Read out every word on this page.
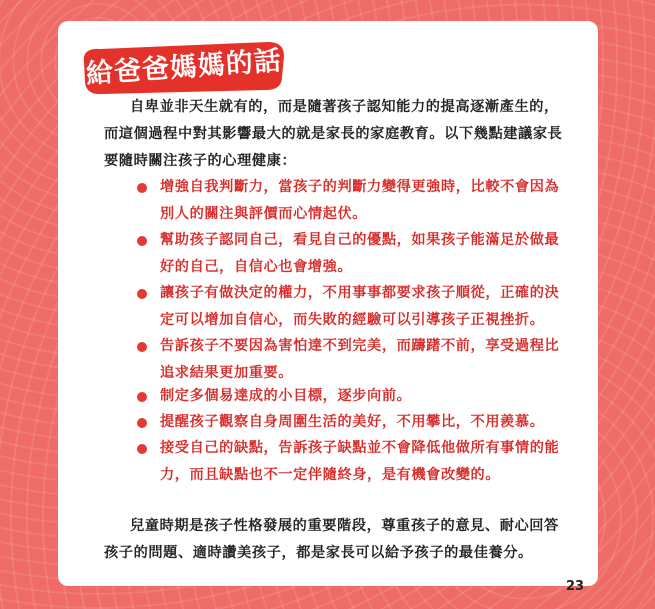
給爸爸媽媽的話
自卑並非天生就有的，而是隨著孩子認知能力的提高逐漸產生的，
而這個過程中對其影響最大的就是家長的家庭教育。以下幾點建議家長
要隨時關注孩子的心理健康：
增強自我判斷力，當孩子的判斷力變得更強時，比較不會因為
別人的關注與評價而心情起伏。
幫助孩子認同自己，看見自己的優點，如果孩子能滿足於做最
好的自己，自信心也會增強。
讓孩子有做決定的權力，不用事事都要求孩子順從，正確的決
定可以增加自信心，而失敗的經驗可以引導孩子正視挫折。
告訴孩子不要因為害怕達不到完美，而躊躇不前，享受過程比
追求結果更加重要。
制定多個易達成的小目標，逐步向前。
提醒孩子觀察自身周圍生活的美好，不用攀比，不用羨慕。
接受自己的缺點，告訴孩子缺點並不會降低他做所有事情的能
力，而且缺點也不一定伴隨終身，是有機會改變的。
兒童時期是孩子性格發展的重要階段，尊重孩子的意見、耐心回答
孩子的問題、適時讚美孩子，都是家長可以給予孩子的最佳養分。
23
